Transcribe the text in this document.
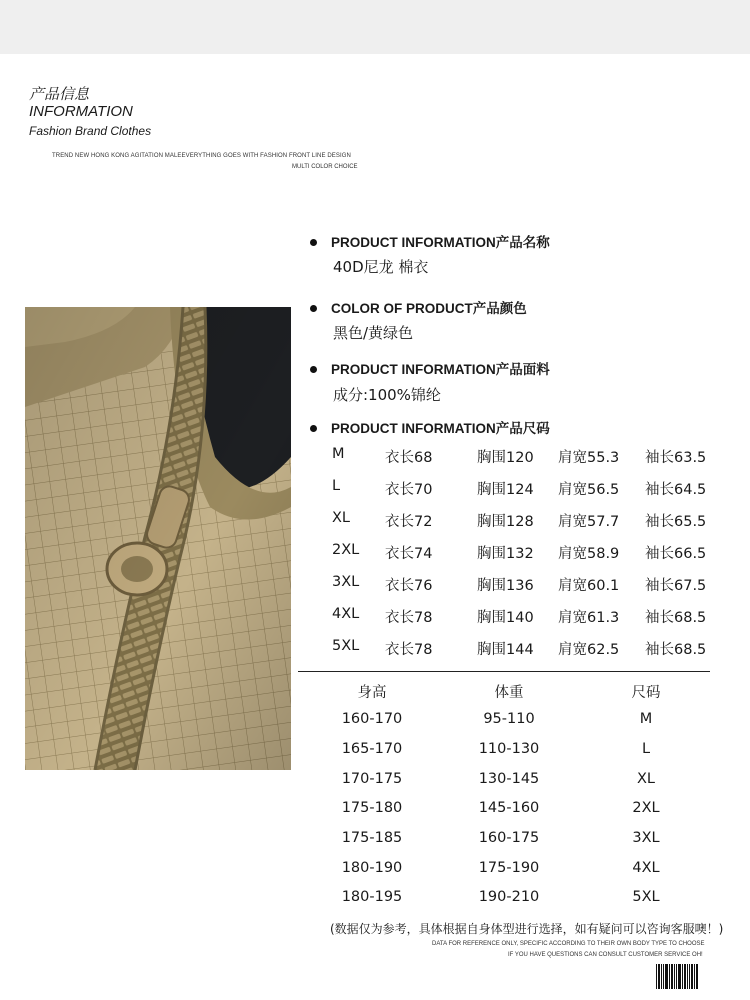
产品信息
INFORMATION
Fashion Brand Clothes
TREND NEW HONG KONG AGITATION MALEEVERYTHING GOES WITH FASHION FRONT LINE DESIGN
MULTI COLOR CHOICE
PRODUCT INFORMATION产品名称
40D尼龙 棉衣
COLOR OF PRODUCT产品颜色
黑色/黄绿色
PRODUCT INFORMATION产品面料
成分:100%锦纶
PRODUCT INFORMATION产品尺码
M	衣长68	胸围120 肩宽55.3 袖长63.5
L	衣长70	胸围124 肩宽56.5 袖长64.5
XL 衣长72	胸围128 肩宽57.7 袖长65.5
2XL 衣长74	胸围132 肩宽58.9 袖长66.5
3XL 衣长76	胸围136 肩宽60.1 袖长67.5
4XL 衣长78	胸围140 肩宽61.3 袖长68.5
5XL 衣长78	胸围144 肩宽62.5 袖长68.5
身高	体重	尺码
160-170	95-110	M
165-170	110-130	L
170-175	130-145	XL
175-180	145-160	2XL
175-185	160-175	3XL
180-190	175-190	4XL
180-195	190-210	5XL
(数据仅为参考，具体根据自身体型进行选择，如有疑问可以咨询客服噢！)
DATA FOR REFERENCE ONLY, SPECIFIC ACCORDING TO THEIR OWN BODY TYPE TO CHOOSE
IF YOU HAVE QUESTIONS CAN CONSULT CUSTOMER SERVICE OH!
